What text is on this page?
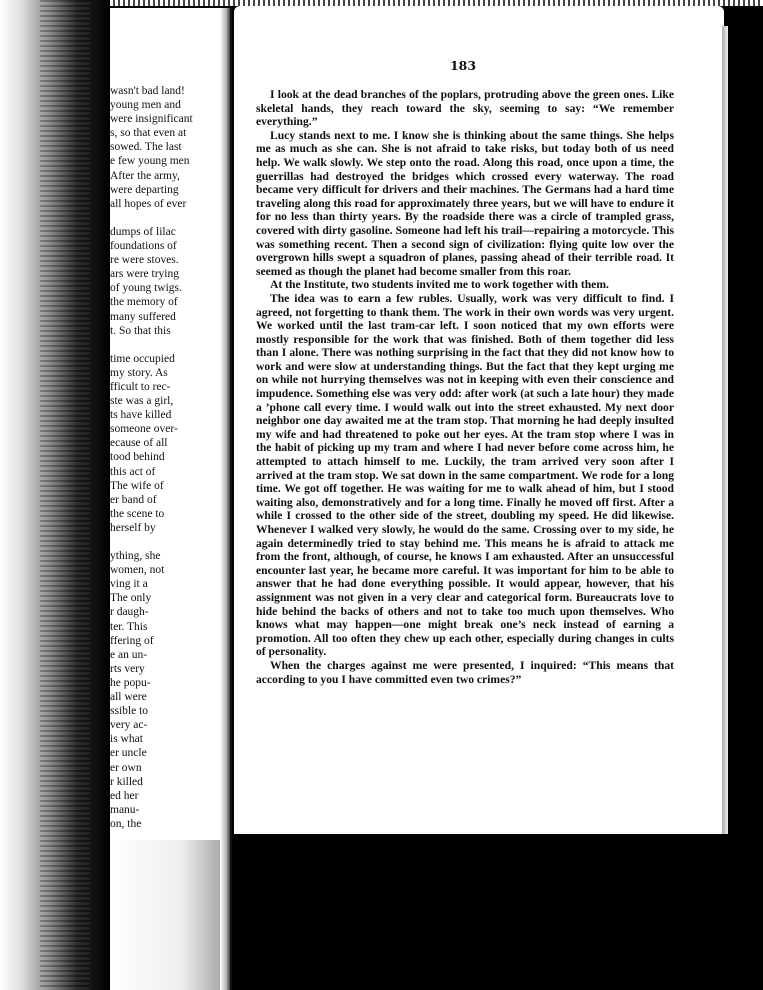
wasn't bad land!
young men and
were insignificant
s, so that even at
sowed. The last
e few young men
After the army,
were departing
all hopes of ever
dumps of lilac
foundations of
re were stoves.
ars were trying
of young twigs.
the memory of
many suffered
t. So that this
time occupied
my story. As
fficult to rec-
ste was a girl,
ts have killed
someone over-
ecause of all
tood behind
this act of
The wife of
er band of
the scene to
herself by
ything, she
women, not
ving it a
The only
r daugh-
ter. This
ffering of
e an un-
rts very
he popu-
all were
ssible to
very ac-
is what
er uncle
er own
r killed
ed her
manu-
on, the
183

I look at the dead branches of the poplars, protruding above the green ones. Like skeletal hands, they reach toward the sky, seeming to say: “We remember everything.”

Lucy stands next to me. I know she is thinking about the same things. She helps me as much as she can. She is not afraid to take risks, but today both of us need help. We walk slowly. We step onto the road. Along this road, once upon a time, the guerrillas had destroyed the bridges which crossed every waterway. The road became very difficult for drivers and their machines. The Germans had a hard time traveling along this road for approximately three years, but we will have to endure it for no less than thirty years. By the roadside there was a circle of trampled grass, covered with dirty gasoline. Someone had left his trail—repairing a motorcycle. This was something recent. Then a second sign of civilization: flying quite low over the overgrown hills swept a squadron of planes, passing ahead of their terrible road. It seemed as though the planet had become smaller from this roar.

At the Institute, two students invited me to work together with them.

The idea was to earn a few rubles. Usually, work was very difficult to find. I agreed, not forgetting to thank them. The work in their own words was very urgent. We worked until the last tram-car left. I soon noticed that my own efforts were mostly responsible for the work that was finished. Both of them together did less than I alone. There was nothing surprising in the fact that they did not know how to work and were slow at understanding things. But the fact that they kept urging me on while not hurrying themselves was not in keeping with even their conscience and impudence. Something else was very odd: after work (at such a late hour) they made a ’phone call every time. I would walk out into the street exhausted. My next door neighbor one day awaited me at the tram stop. That morning he had deeply insulted my wife and had threatened to poke out her eyes. At the tram stop where I was in the habit of picking up my tram and where I had never before come across him, he attempted to attach himself to me. Luckily, the tram arrived very soon after I arrived at the tram stop. We sat down in the same compartment. We rode for a long time. We got off together. He was waiting for me to walk ahead of him, but I stood waiting also, demonstratively and for a long time. Finally he moved off first. After a while I crossed to the other side of the street, doubling my speed. He did likewise. Whenever I walked very slowly, he would do the same. Crossing over to my side, he again determinedly tried to stay behind me. This means he is afraid to attack me from the front, although, of course, he knows I am exhausted. After an unsuccessful encounter last year, he became more careful. It was important for him to be able to answer that he had done everything possible. It would appear, however, that his assignment was not given in a very clear and categorical form. Bureaucrats love to hide behind the backs of others and not to take too much upon themselves. Who knows what may happen—one might break one’s neck instead of earning a promotion. All too often they chew up each other, especially during changes in cults of personality.

When the charges against me were presented, I inquired: “This means that according to you I have committed even two crimes?”
